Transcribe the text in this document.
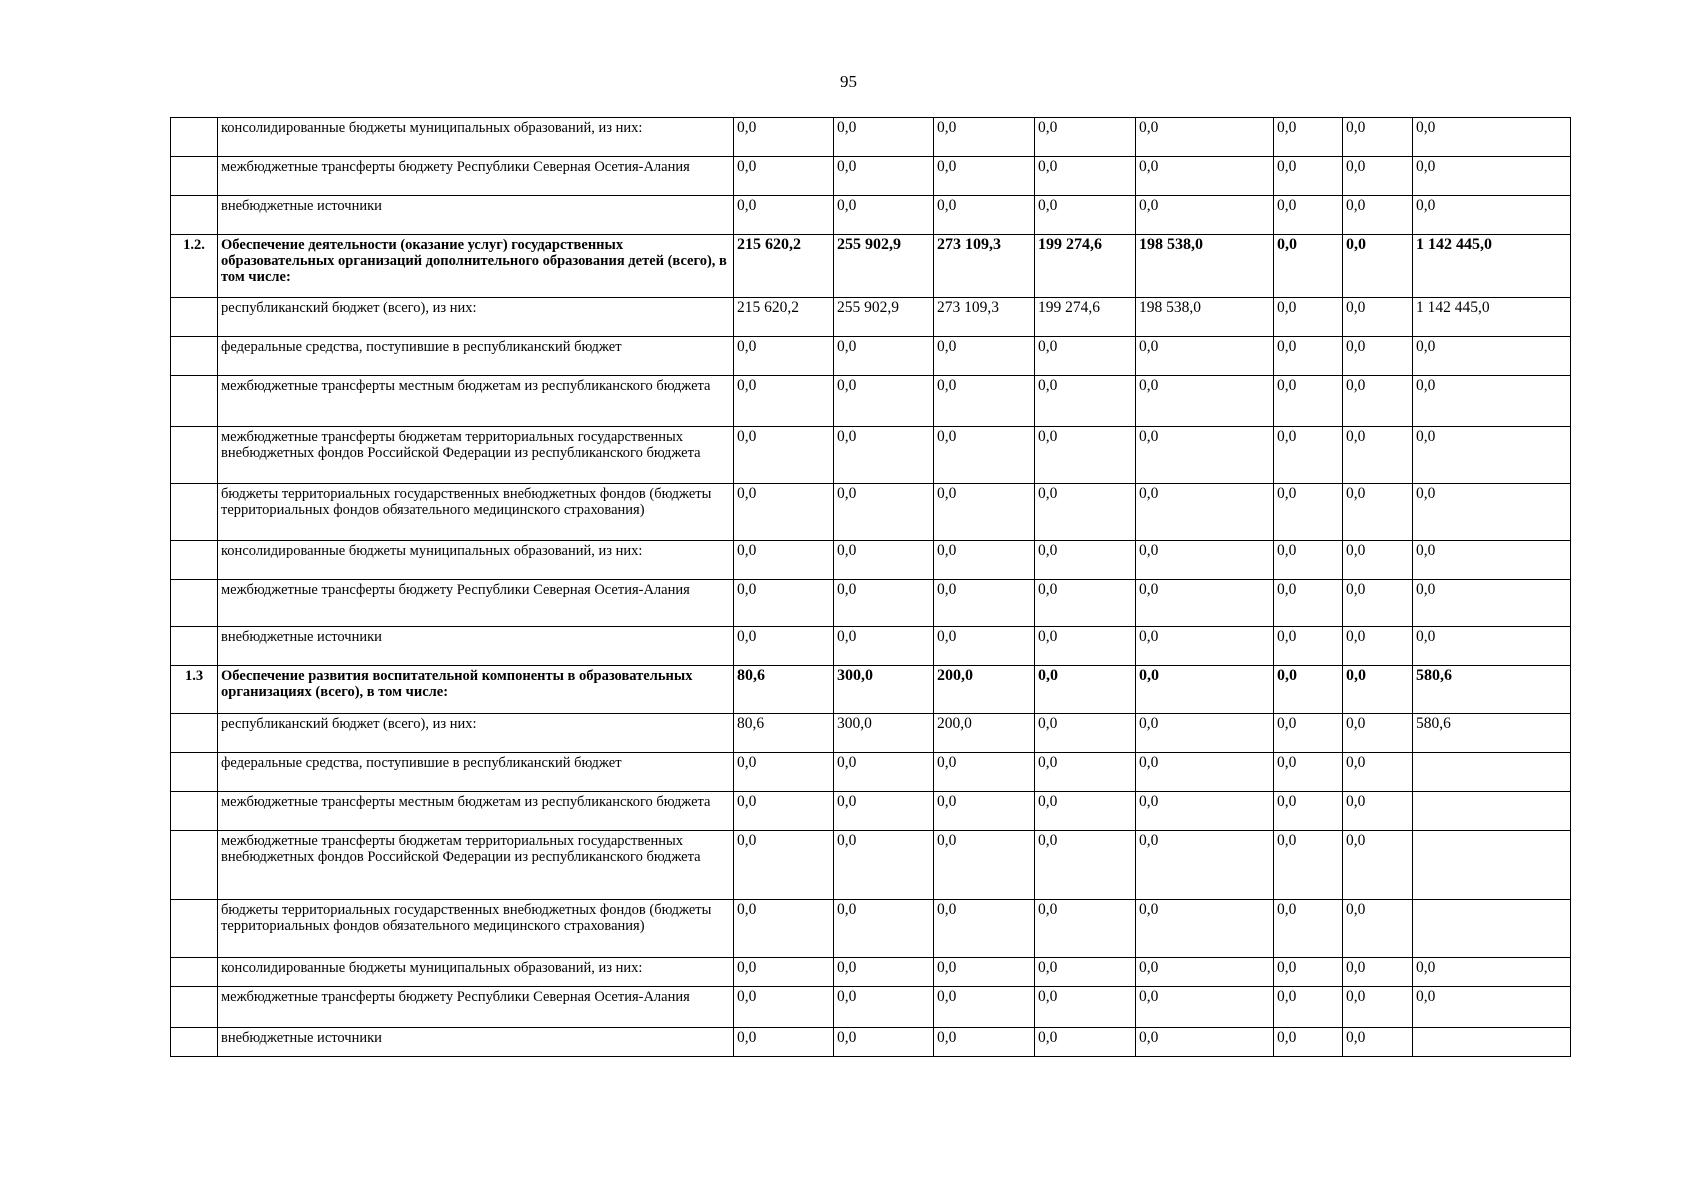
95
	консолидированные бюджеты муниципальных образований, из них:	0,0	0,0	0,0	0,0	0,0	0,0	0,0	0,0
	межбюджетные трансферты бюджету Республики Северная Осетия-Алания	0,0	0,0	0,0	0,0	0,0	0,0	0,0	0,0
	внебюджетные источники	0,0	0,0	0,0	0,0	0,0	0,0	0,0	0,0
1.2.	Обеспечение деятельности (оказание услуг) государственных образовательных организаций дополнительного образования детей (всего), в том числе:	215 620,2	255 902,9	273 109,3	199 274,6	198 538,0	0,0	0,0	1 142 445,0
	республиканский бюджет (всего), из них:	215 620,2	255 902,9	273 109,3	199 274,6	198 538,0	0,0	0,0	1 142 445,0
	федеральные средства, поступившие в республиканский бюджет	0,0	0,0	0,0	0,0	0,0	0,0	0,0	0,0
	межбюджетные трансферты местным бюджетам из республиканского бюджета	0,0	0,0	0,0	0,0	0,0	0,0	0,0	0,0
	межбюджетные трансферты бюджетам территориальных государственных внебюджетных фондов Российской Федерации из республиканского бюджета	0,0	0,0	0,0	0,0	0,0	0,0	0,0	0,0
	бюджеты территориальных государственных внебюджетных фондов (бюджеты территориальных фондов обязательного медицинского страхования)	0,0	0,0	0,0	0,0	0,0	0,0	0,0	0,0
	консолидированные бюджеты муниципальных образований, из них:	0,0	0,0	0,0	0,0	0,0	0,0	0,0	0,0
	межбюджетные трансферты бюджету Республики Северная Осетия-Алания	0,0	0,0	0,0	0,0	0,0	0,0	0,0	0,0
	внебюджетные источники	0,0	0,0	0,0	0,0	0,0	0,0	0,0	0,0
1.3	Обеспечение развития воспитательной компоненты в образовательных организациях (всего), в том числе:	80,6	300,0	200,0	0,0	0,0	0,0	0,0	580,6
	республиканский бюджет (всего), из них:	80,6	300,0	200,0	0,0	0,0	0,0	0,0	580,6
	федеральные средства, поступившие в республиканский бюджет	0,0	0,0	0,0	0,0	0,0	0,0	0,0	
	межбюджетные трансферты местным бюджетам из республиканского бюджета	0,0	0,0	0,0	0,0	0,0	0,0	0,0	
	межбюджетные трансферты бюджетам территориальных государственных внебюджетных фондов Российской Федерации из республиканского бюджета	0,0	0,0	0,0	0,0	0,0	0,0	0,0	
	бюджеты территориальных государственных внебюджетных фондов (бюджеты территориальных фондов обязательного медицинского страхования)	0,0	0,0	0,0	0,0	0,0	0,0	0,0	
	консолидированные бюджеты муниципальных образований, из них:	0,0	0,0	0,0	0,0	0,0	0,0	0,0	0,0
	межбюджетные трансферты бюджету Республики Северная Осетия-Алания	0,0	0,0	0,0	0,0	0,0	0,0	0,0	0,0
	внебюджетные источники	0,0	0,0	0,0	0,0	0,0	0,0	0,0	
